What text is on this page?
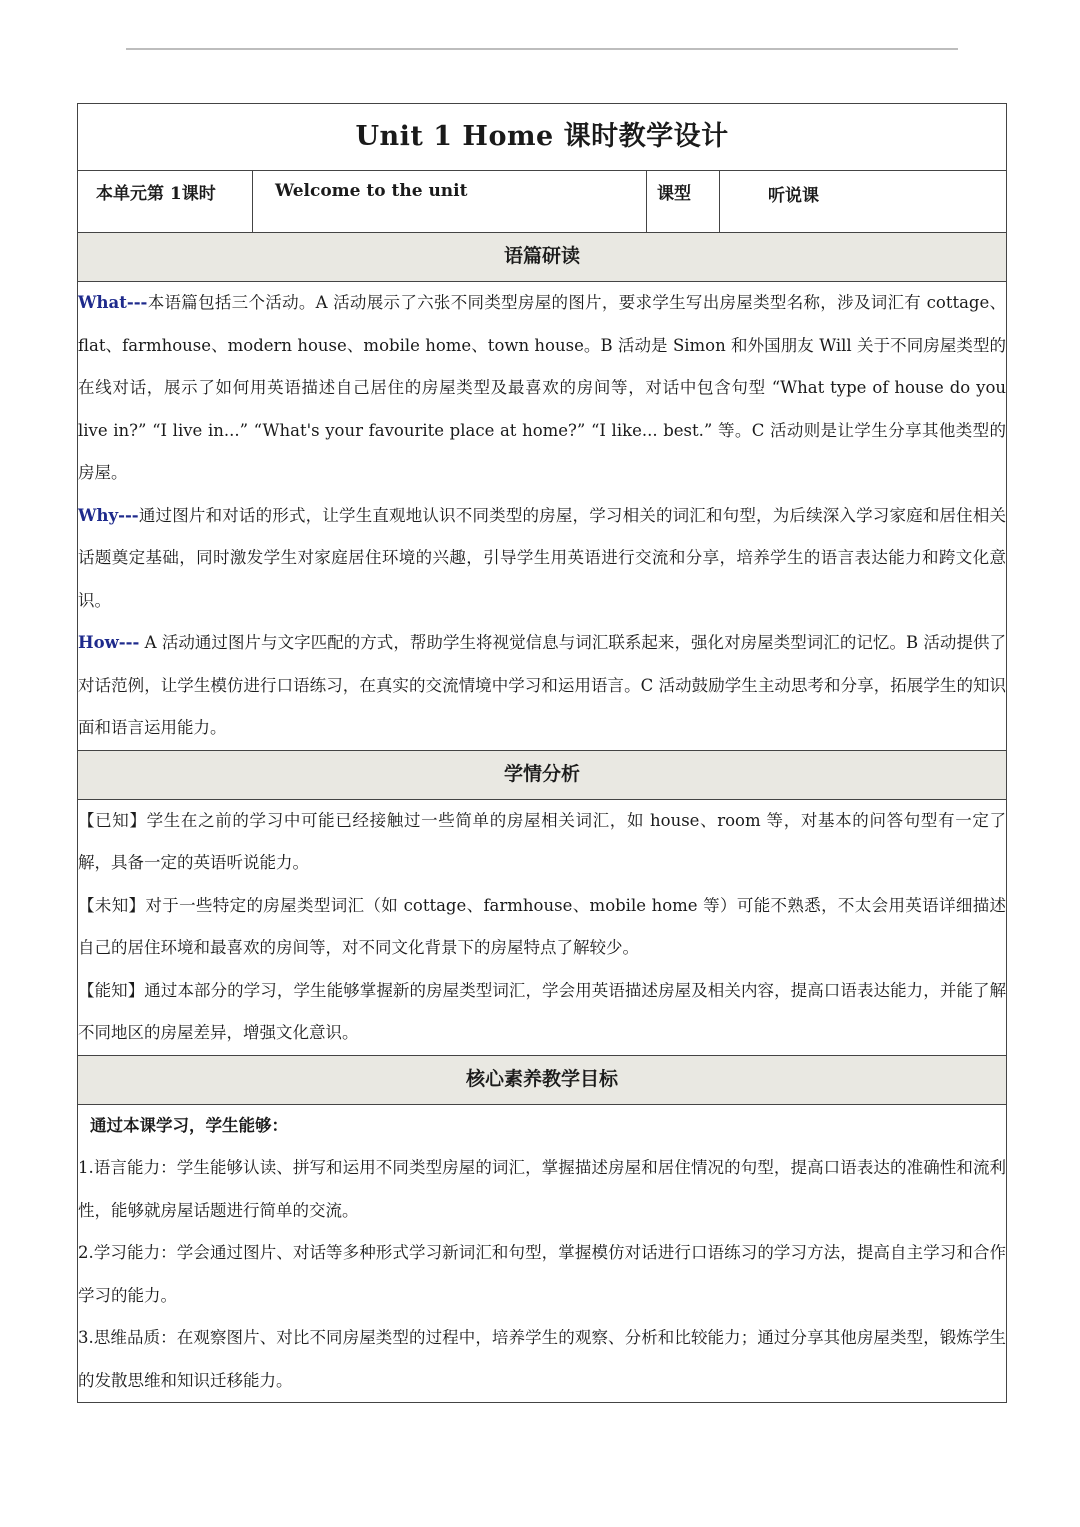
Unit 1 Home 课时教学设计
本单元第 1课时	Welcome to the unit	课型	听说课
语篇研读

What---本语篇包括三个活动。A 活动展示了六张不同类型房屋的图片，要求学生写出房屋类型名称，涉及词汇有 cottage、flat、farmhouse、modern house、mobile home、town house。B 活动是 Simon 和外国朋友 Will 关于不同房屋类型的在线对话，展示了如何用英语描述自己居住的房屋类型及最喜欢的房间等，对话中包含句型 “What type of house do you live in?” “I live in...” “What's your favourite place at home?” “I like... best.” 等。C 活动则是让学生分享其他类型的房屋。

Why---通过图片和对话的形式，让学生直观地认识不同类型的房屋，学习相关的词汇和句型，为后续深入学习家庭和居住相关话题奠定基础，同时激发学生对家庭居住环境的兴趣，引导学生用英语进行交流和分享，培养学生的语言表达能力和跨文化意识。

How--- A 活动通过图片与文字匹配的方式，帮助学生将视觉信息与词汇联系起来，强化对房屋类型词汇的记忆。B 活动提供了对话范例，让学生模仿进行口语练习，在真实的交流情境中学习和运用语言。C 活动鼓励学生主动思考和分享，拓展学生的知识面和语言运用能力。

学情分析

【已知】学生在之前的学习中可能已经接触过一些简单的房屋相关词汇，如 house、room 等，对基本的问答句型有一定了解，具备一定的英语听说能力。

【未知】对于一些特定的房屋类型词汇（如 cottage、farmhouse、mobile home 等）可能不熟悉，不太会用英语详细描述自己的居住环境和最喜欢的房间等，对不同文化背景下的房屋特点了解较少。

【能知】通过本部分的学习，学生能够掌握新的房屋类型词汇，学会用英语描述房屋及相关内容，提高口语表达能力，并能了解不同地区的房屋差异，增强文化意识。

核心素养教学目标

通过本课学习，学生能够：

1.语言能力：学生能够认读、拼写和运用不同类型房屋的词汇，掌握描述房屋和居住情况的句型，提高口语表达的准确性和流利性，能够就房屋话题进行简单的交流。

2.学习能力：学会通过图片、对话等多种形式学习新词汇和句型，掌握模仿对话进行口语练习的学习方法，提高自主学习和合作学习的能力。

3.思维品质：在观察图片、对比不同房屋类型的过程中，培养学生的观察、分析和比较能力；通过分享其他房屋类型，锻炼学生的发散思维和知识迁移能力。
